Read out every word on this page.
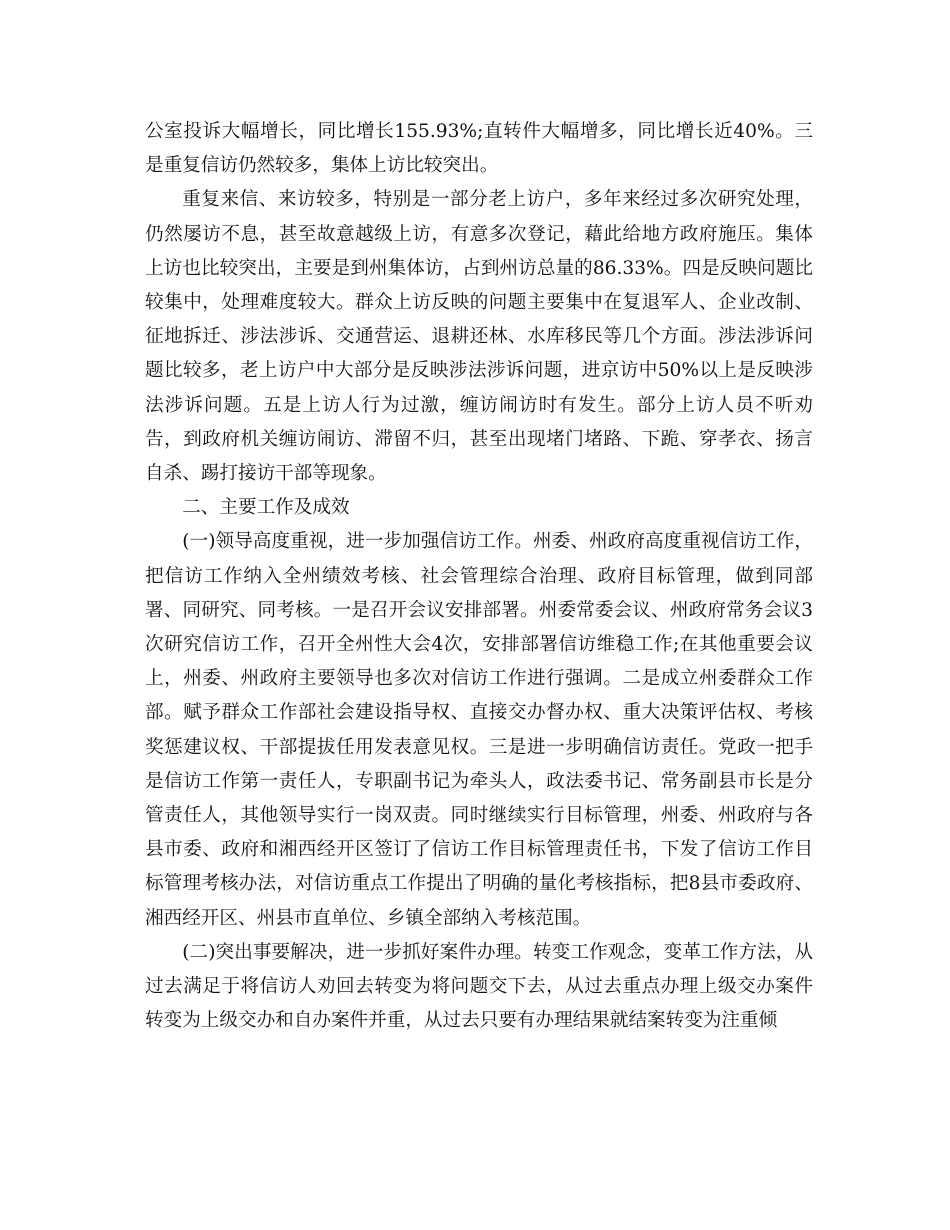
公室投诉大幅增长，同比增长155.93%;直转件大幅增多，同比增长近40%。三是重复信访仍然较多，集体上访比较突出。

重复来信、来访较多，特别是一部分老上访户，多年来经过多次研究处理，仍然屡访不息，甚至故意越级上访，有意多次登记，藉此给地方政府施压。集体上访也比较突出，主要是到州集体访，占到州访总量的86.33%。四是反映问题比较集中，处理难度较大。群众上访反映的问题主要集中在复退军人、企业改制、征地拆迁、涉法涉诉、交通营运、退耕还林、水库移民等几个方面。涉法涉诉问题比较多，老上访户中大部分是反映涉法涉诉问题，进京访中50%以上是反映涉法涉诉问题。五是上访人行为过激，缠访闹访时有发生。部分上访人员不听劝告，到政府机关缠访闹访、滞留不归，甚至出现堵门堵路、下跪、穿孝衣、扬言自杀、踢打接访干部等现象。

二、主要工作及成效

(一)领导高度重视，进一步加强信访工作。州委、州政府高度重视信访工作，把信访工作纳入全州绩效考核、社会管理综合治理、政府目标管理，做到同部署、同研究、同考核。一是召开会议安排部署。州委常委会议、州政府常务会议3次研究信访工作，召开全州性大会4次，安排部署信访维稳工作;在其他重要会议上，州委、州政府主要领导也多次对信访工作进行强调。二是成立州委群众工作部。赋予群众工作部社会建设指导权、直接交办督办权、重大决策评估权、考核奖惩建议权、干部提拔任用发表意见权。三是进一步明确信访责任。党政一把手是信访工作第一责任人，专职副书记为牵头人，政法委书记、常务副县市长是分管责任人，其他领导实行一岗双责。同时继续实行目标管理，州委、州政府与各县市委、政府和湘西经开区签订了信访工作目标管理责任书，下发了信访工作目标管理考核办法，对信访重点工作提出了明确的量化考核指标，把8县市委政府、湘西经开区、州县市直单位、乡镇全部纳入考核范围。

(二)突出事要解决，进一步抓好案件办理。转变工作观念，变革工作方法，从过去满足于将信访人劝回去转变为将问题交下去，从过去重点办理上级交办案件转变为上级交办和自办案件并重，从过去只要有办理结果就结案转变为注重倾
